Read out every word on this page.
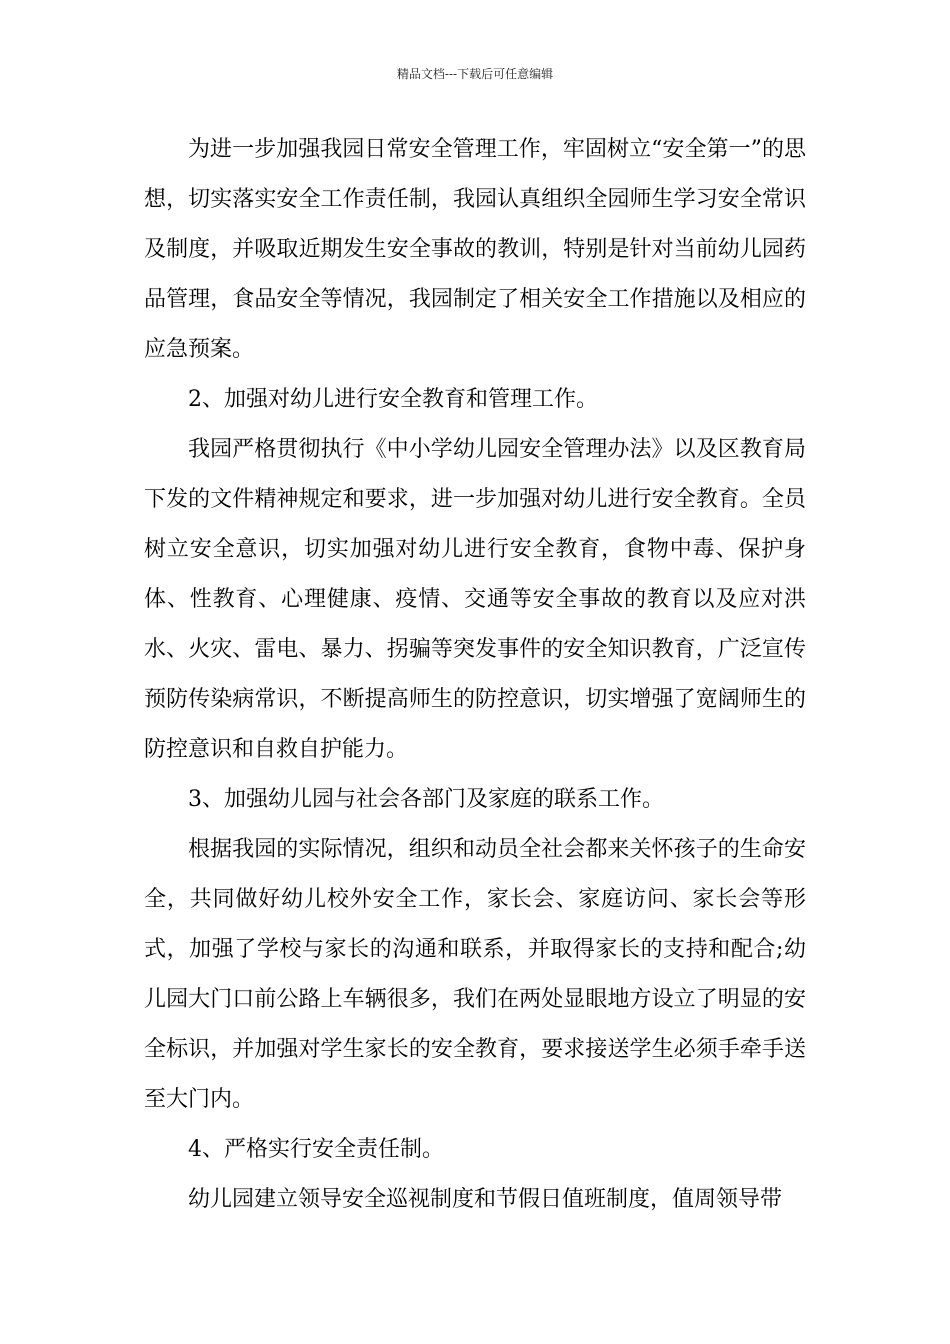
精品文档---下载后可任意编辑

为进一步加强我园日常安全管理工作，牢固树立“安全第一”的思想，切实落实安全工作责任制，我园认真组织全园师生学习安全常识及制度，并吸取近期发生安全事故的教训，特别是针对当前幼儿园药品管理，食品安全等情况，我园制定了相关安全工作措施以及相应的应急预案。

2、加强对幼儿进行安全教育和管理工作。

我园严格贯彻执行《中小学幼儿园安全管理办法》以及区教育局下发的文件精神规定和要求，进一步加强对幼儿进行安全教育。全员树立安全意识，切实加强对幼儿进行安全教育，食物中毒、保护身体、性教育、心理健康、疫情、交通等安全事故的教育以及应对洪水、火灾、雷电、暴力、拐骗等突发事件的安全知识教育，广泛宣传预防传染病常识，不断提高师生的防控意识，切实增强了宽阔师生的防控意识和自救自护能力。

3、加强幼儿园与社会各部门及家庭的联系工作。

根据我园的实际情况，组织和动员全社会都来关怀孩子的生命安全，共同做好幼儿校外安全工作，家长会、家庭访问、家长会等形式，加强了学校与家长的沟通和联系，并取得家长的支持和配合;幼儿园大门口前公路上车辆很多，我们在两处显眼地方设立了明显的安全标识，并加强对学生家长的安全教育，要求接送学生必须手牵手送至大门内。

4、严格实行安全责任制。

幼儿园建立领导安全巡视制度和节假日值班制度，值周领导带
